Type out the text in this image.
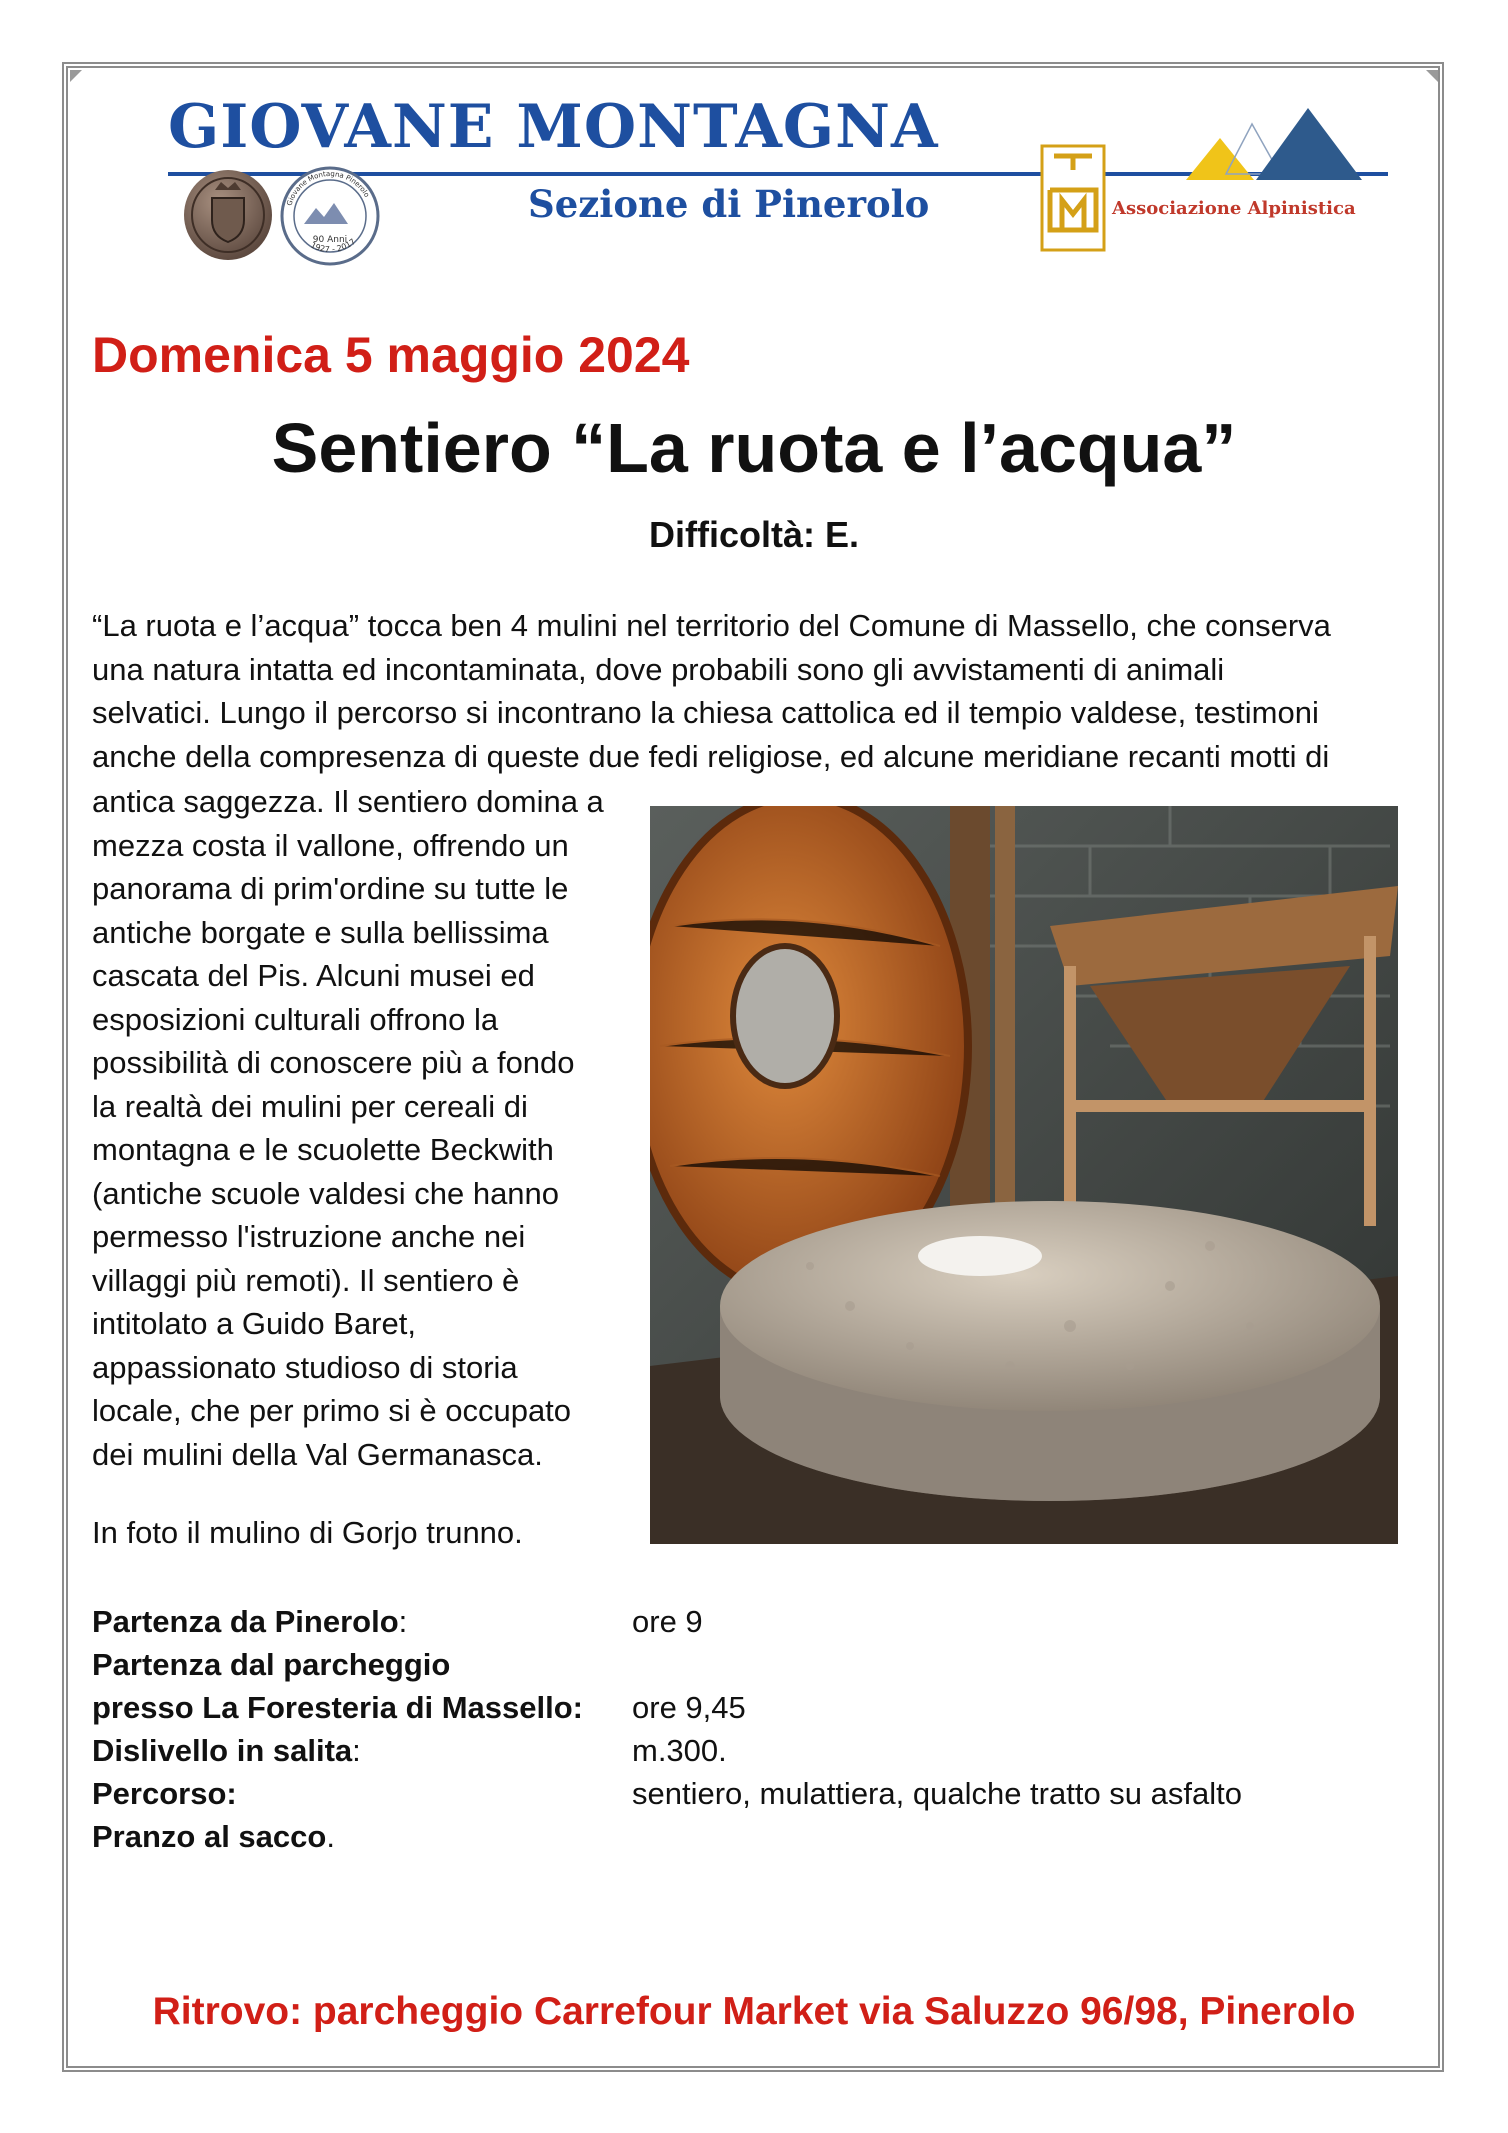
GIOVANE MONTAGNA
Sezione di Pinerolo
90 Anni
Giovane Montagna Pinerolo
1927 - 2017
Associazione Alpinistica
Domenica 5 maggio 2024
Sentiero “La ruota e l’acqua”
Difficoltà: E.
“La ruota e l’acqua” tocca ben 4 mulini nel territorio del Comune di Massello, che conserva
una natura intatta ed incontaminata, dove probabili sono gli avvistamenti di animali
selvatici. Lungo il percorso si incontrano la chiesa cattolica ed il tempio valdese, testimoni
anche della compresenza di queste due fedi religiose, ed alcune meridiane recanti motti di
antica saggezza. Il sentiero domina a
mezza costa il vallone, offrendo un
panorama di prim'ordine su tutte le
antiche borgate e sulla bellissima
cascata del Pis. Alcuni musei ed
esposizioni culturali offrono la
possibilità di conoscere più a fondo
la realtà dei mulini per cereali di
montagna e le scuolette Beckwith
(antiche scuole valdesi che hanno
permesso l'istruzione anche nei
villaggi più remoti). Il sentiero è
intitolato a Guido Baret,
appassionato studioso di storia
locale, che per primo si è occupato
dei mulini della Val Germanasca.
In foto il mulino di Gorjo trunno.
Partenza da Pinerolo:	ore 9
Partenza dal parcheggio
presso La Foresteria di Massello: ore 9,45
Dislivello in salita:	m.300.
Percorso:	sentiero, mulattiera, qualche tratto su asfalto
Pranzo al sacco.
Ritrovo: parcheggio Carrefour Market via Saluzzo 96/98, Pinerolo
